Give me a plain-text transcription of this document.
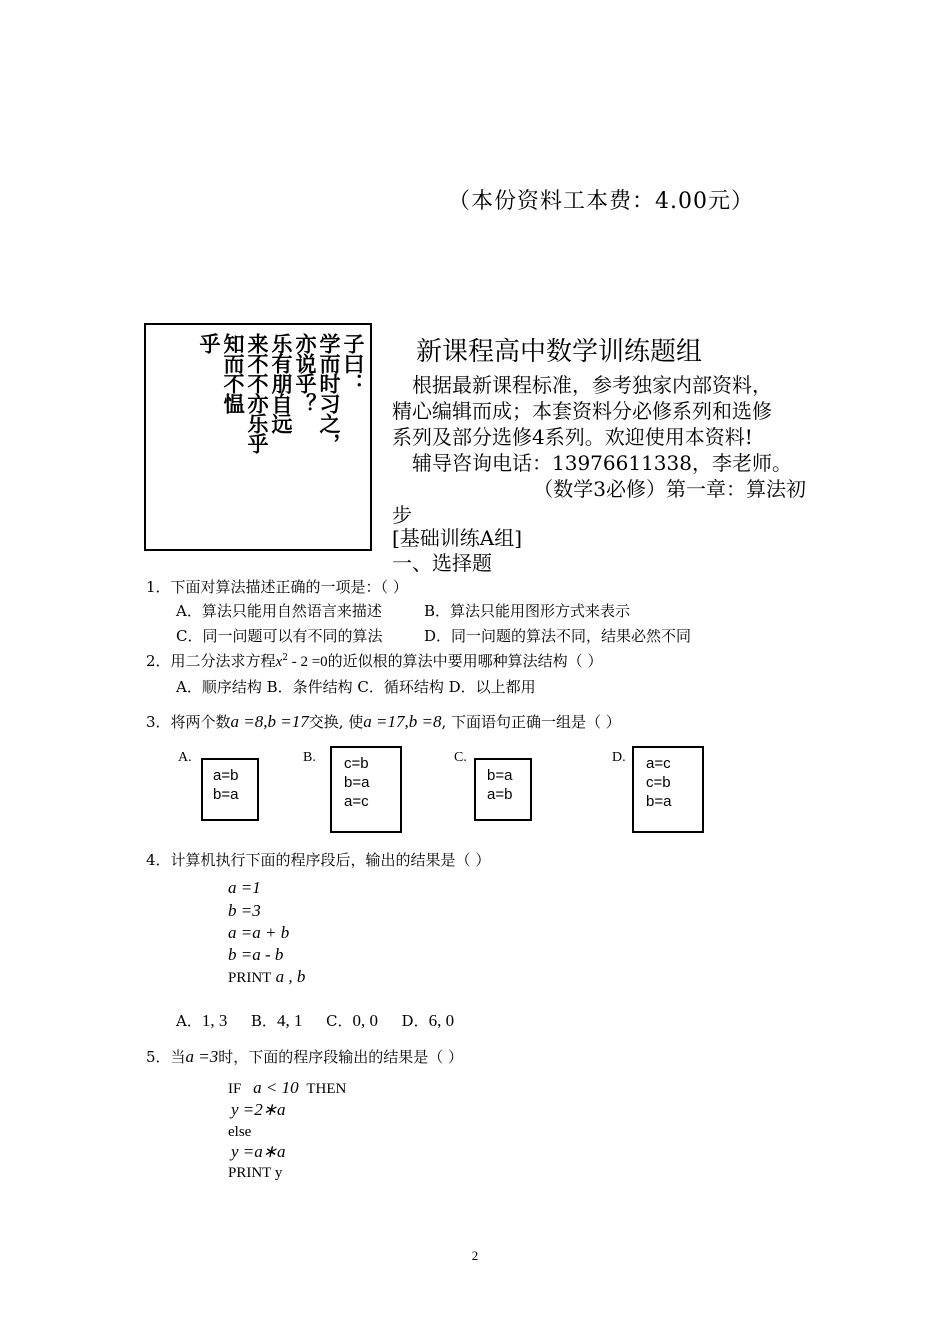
（本份资料工本费：4.00元）
子曰：
学而时习之，
亦说乎？
乐有朋自远
来不不亦乐乎
知而不愠
乎	新课程高中数学训练题组

根据最新课程标准，参考独家内部资料，

精心编辑而成；本套资料分必修系列和选修

系列及部分选修4系列。欢迎使用本资料!

辅导咨询电话：13976611338，李老师。

（数学3必修）第一章：算法初

步

[基础训练A组]
一、选择题
1．下面对算法描述正确的一项是：（ ）
A．算法只能用自然语言来描述	B．算法只能用图形方式来表示
C．同一问题可以有不同的算法	D．同一问题的算法不同，结果必然不同
2．用二分法求方程$x^2 - 2 =0$的近似根的算法中要用哪种算法结构（ ）
A．顺序结构 B．条件结构 C．循环结构 D．以上都用
3．将两个数a =8,b =17交换, 使a =17,b =8, 下面语句正确一组是（ ）
A.
a=b
b=a
B. c=b
b=a
a=c
C.
b=a
a=b
D. a=c
c=b
b=a
4．计算机执行下面的程序段后，输出的结果是（ ）
a =1
b =3
a =a + b
b =a - b
PRINT a , b
A．1, 3 B．4, 1 C．0, 0 D．6, 0
5．当a =3时，下面的程序段输出的结果是（ ）
IF a < 10 THEN
y =2∗a
else
y =a∗a
PRINT y
2
